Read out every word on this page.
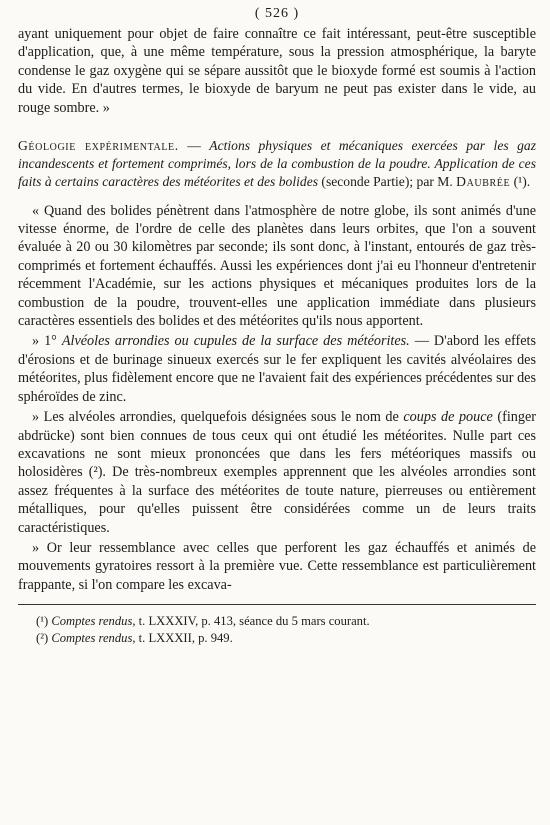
( 526 )

ayant uniquement pour objet de faire connaître ce fait intéressant, peut-être susceptible d'application, que, à une même température, sous la pression atmosphérique, la baryte condense le gaz oxygène qui se sépare aussitôt que le bioxyde formé est soumis à l'action du vide. En d'autres termes, le bioxyde de baryum ne peut pas exister dans le vide, au rouge sombre. »

Géologie expérimentale. — Actions physiques et mécaniques exercées par les gaz incandescents et fortement comprimés, lors de la combustion de la poudre. Application de ces faits à certains caractères des météorites et des bolides (seconde Partie); par M. Daubrée (¹).

« Quand des bolides pénètrent dans l'atmosphère de notre globe, ils sont animés d'une vitesse énorme, de l'ordre de celle des planètes dans leurs orbites, que l'on a souvent évaluée à 20 ou 30 kilomètres par seconde; ils sont donc, à l'instant, entourés de gaz très-comprimés et fortement échauffés. Aussi les expériences dont j'ai eu l'honneur d'entretenir récemment l'Académie, sur les actions physiques et mécaniques produites lors de la combustion de la poudre, trouvent-elles une application immédiate dans plusieurs caractères essentiels des bolides et des météorites qu'ils nous apportent.

» 1° Alvéoles arrondies ou cupules de la surface des météorites. — D'abord les effets d'érosions et de burinage sinueux exercés sur le fer expliquent les cavités alvéolaires des météorites, plus fidèlement encore que ne l'avaient fait des expériences précédentes sur des sphéroïdes de zinc.

» Les alvéoles arrondies, quelquefois désignées sous le nom de coups de pouce (finger abdrücke) sont bien connues de tous ceux qui ont étudié les météorites. Nulle part ces excavations ne sont mieux prononcées que dans les fers météoriques massifs ou holosidères (²). De très-nombreux exemples apprennent que les alvéoles arrondies sont assez fréquentes à la surface des météorites de toute nature, pierreuses ou entièrement métalliques, pour qu'elles puissent être considérées comme un de leurs traits caractéristiques.

» Or leur ressemblance avec celles que perforent les gaz échauffés et animés de mouvements gyratoires ressort à la première vue. Cette ressemblance est particulièrement frappante, si l'on compare les excava-

(¹) Comptes rendus, t. LXXXIV, p. 413, séance du 5 mars courant.

(²) Comptes rendus, t. LXXXII, p. 949.
